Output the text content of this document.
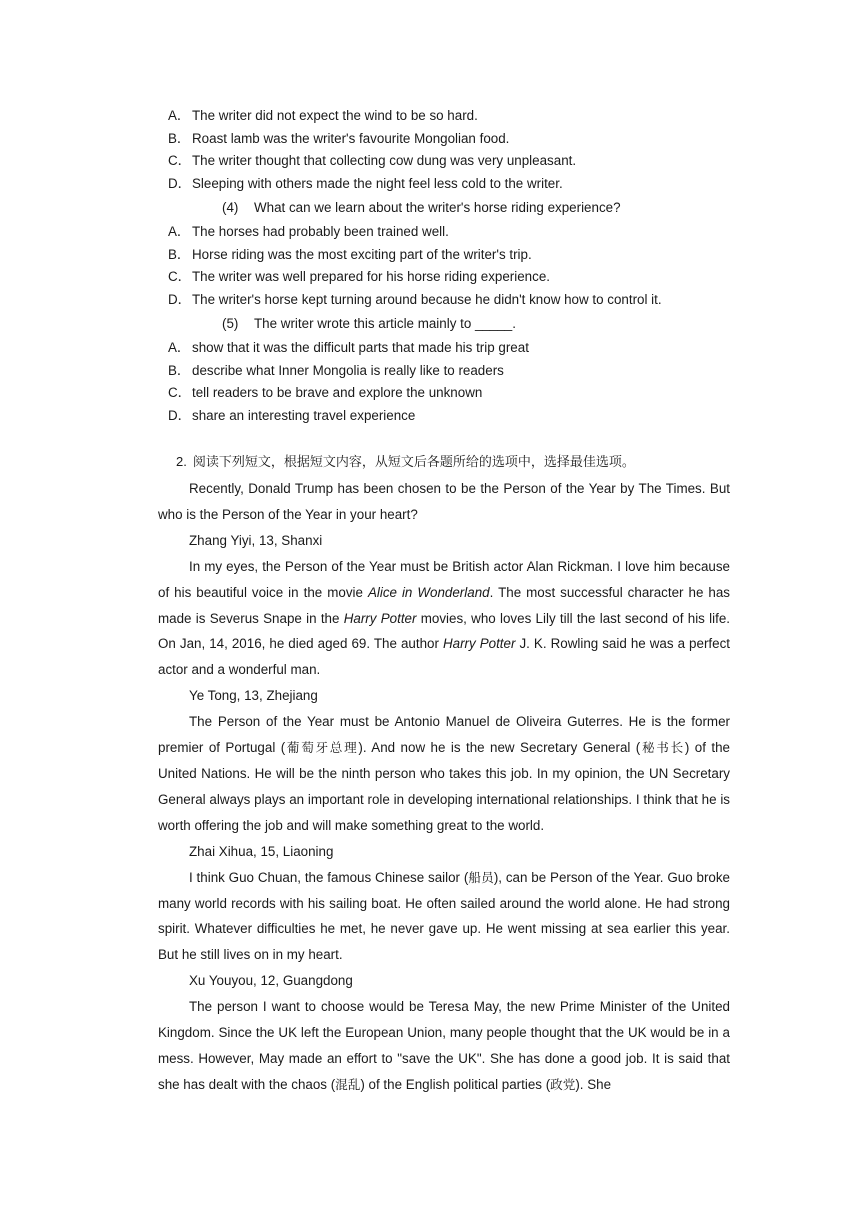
A． The writer did not expect the wind to be so hard.
B． Roast lamb was the writer's favourite Mongolian food.
C．The writer thought that collecting cow dung was very unpleasant.
D．Sleeping with others made the night feel less cold to the writer.
(4) What can we learn about the writer's horse riding experience?
A． The horses had probably been trained well.
B． Horse riding was the most exciting part of the writer's trip.
C．The writer was well prepared for his horse riding experience.
D．The writer's horse kept turning around because he didn't know how to control it.
(5) The writer wrote this article mainly to _____.
A． show that it was the difficult parts that made his trip great
B． describe what Inner Mongolia is really like to readers
C．tell readers to be brave and explore the unknown
D．share an interesting travel experience
2. 阅读下列短文，根据短文内容，从短文后各题所给的选项中，选择最佳选项。

Recently, Donald Trump has been chosen to be the Person of the Year by The Times. But who is the Person of the Year in your heart?

Zhang Yiyi, 13, Shanxi

In my eyes, the Person of the Year must be British actor Alan Rickman. I love him because of his beautiful voice in the movie Alice in Wonderland. The most successful character he has made is Severus Snape in the Harry Potter movies, who loves Lily till the last second of his life. On Jan, 14, 2016, he died aged 69. The author Harry Potter J. K. Rowling said he was a perfect actor and a wonderful man.

Ye Tong, 13, Zhejiang

The Person of the Year must be Antonio Manuel de Oliveira Guterres. He is the former premier of Portugal (葡萄牙总理). And now he is the new Secretary General (秘书长) of the United Nations. He will be the ninth person who takes this job. In my opinion, the UN Secretary General always plays an important role in developing international relationships. I think that he is worth offering the job and will make something great to the world.

Zhai Xihua, 15, Liaoning

I think Guo Chuan, the famous Chinese sailor (船员), can be Person of the Year. Guo broke many world records with his sailing boat. He often sailed around the world alone. He had strong spirit. Whatever difficulties he met, he never gave up. He went missing at sea earlier this year. But he still lives on in my heart.

Xu Youyou, 12, Guangdong

The person I want to choose would be Teresa May, the new Prime Minister of the United Kingdom. Since the UK left the European Union, many people thought that the UK would be in a mess. However, May made an effort to "save the UK". She has done a good job. It is said that she has dealt with the chaos (混乱) of the English political parties (政党). She
